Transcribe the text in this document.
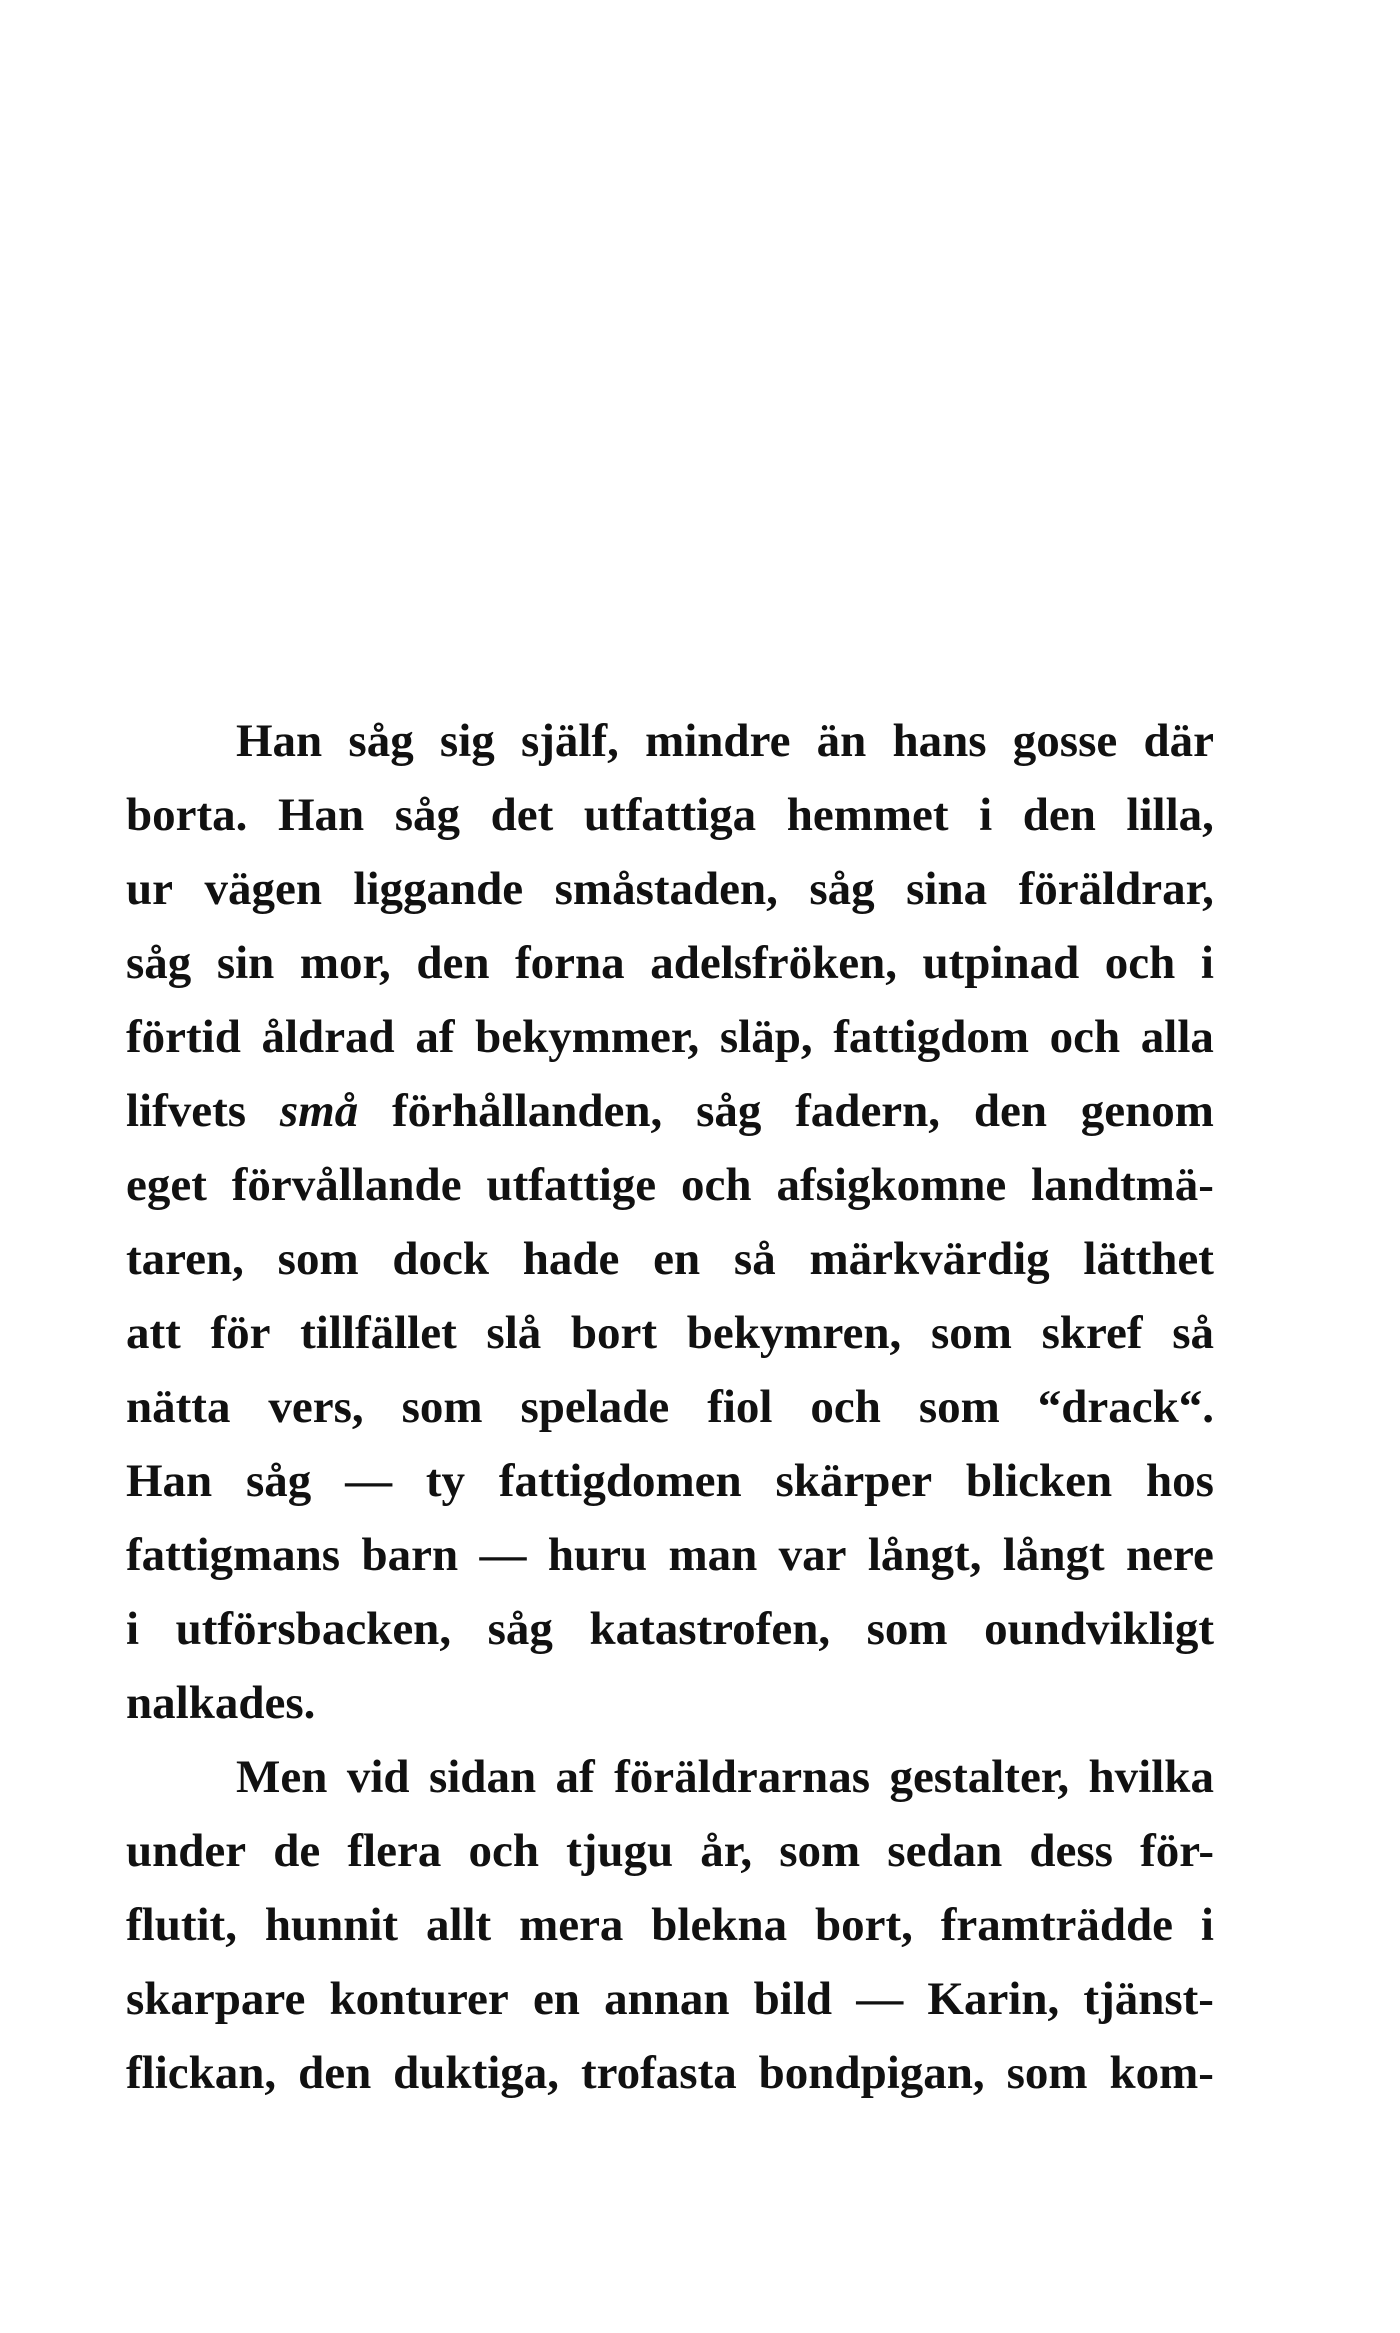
Han såg sig själf, mindre än hans gosse där
borta. Han såg det utfattiga hemmet i den lilla,
ur vägen liggande småstaden, såg sina föräldrar,
såg sin mor, den forna adelsfröken, utpinad och i
förtid åldrad af bekymmer, släp, fattigdom och alla
lifvets små förhållanden, såg fadern, den genom
eget förvållande utfattige och afsigkomne landtmä-
taren, som dock hade en så märkvärdig lätthet
att för tillfället slå bort bekymren, som skref så
nätta vers, som spelade fiol och som “drack“.
Han såg — ty fattigdomen skärper blicken hos
fattigmans barn — huru man var långt, långt nere
i utförsbacken, såg katastrofen, som oundvikligt
nalkades.
Men vid sidan af föräldrarnas gestalter, hvilka
under de flera och tjugu år, som sedan dess för-
flutit, hunnit allt mera blekna bort, framträdde i
skarpare konturer en annan bild — Karin, tjänst-
flickan, den duktiga, trofasta bondpigan, som kom-
